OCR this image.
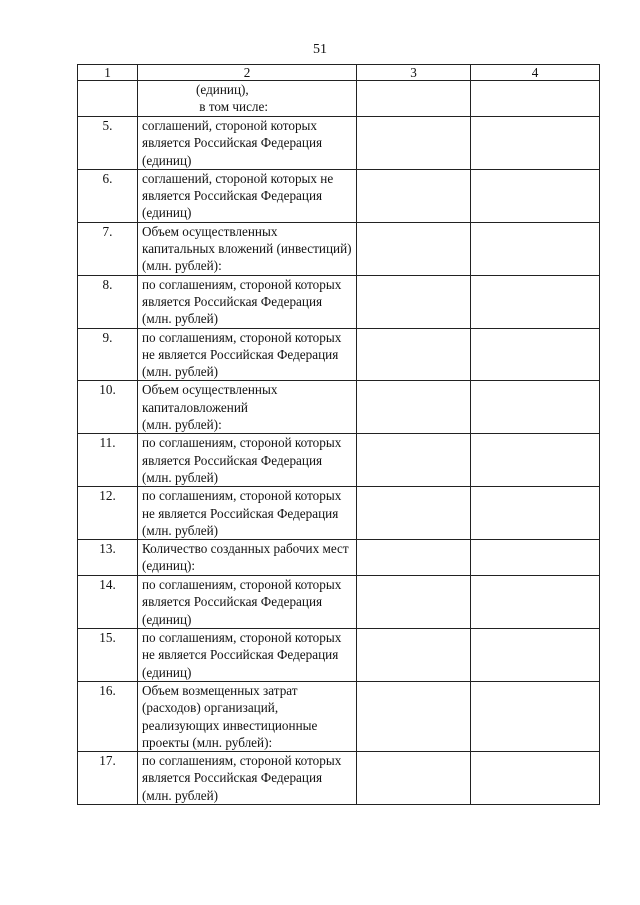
51
1	2	3	4
	(единиц),
в том числе:		
5.	соглашений, стороной которых является Российская Федерация (единиц)		
6.	соглашений, стороной которых не является Российская Федерация (единиц)		
7.	Объем осуществленных капитальных вложений (инвестиций) (млн. рублей):		
8.	по соглашениям, стороной которых является Российская Федерация (млн. рублей)		
9.	по соглашениям, стороной которых не является Российская Федерация (млн. рублей)		
10.	Объем осуществленных капиталовложений
(млн. рублей):		
11.	по соглашениям, стороной которых является Российская Федерация (млн. рублей)		
12.	по соглашениям, стороной которых не является Российская Федерация (млн. рублей)		
13.	Количество созданных рабочих мест (единиц):		
14.	по соглашениям, стороной которых является Российская Федерация (единиц)		
15.	по соглашениям, стороной которых не является Российская Федерация (единиц)		
16.	Объем возмещенных затрат (расходов) организаций, реализующих инвестиционные проекты (млн. рублей):		
17.	по соглашениям, стороной которых является Российская Федерация (млн. рублей)		
